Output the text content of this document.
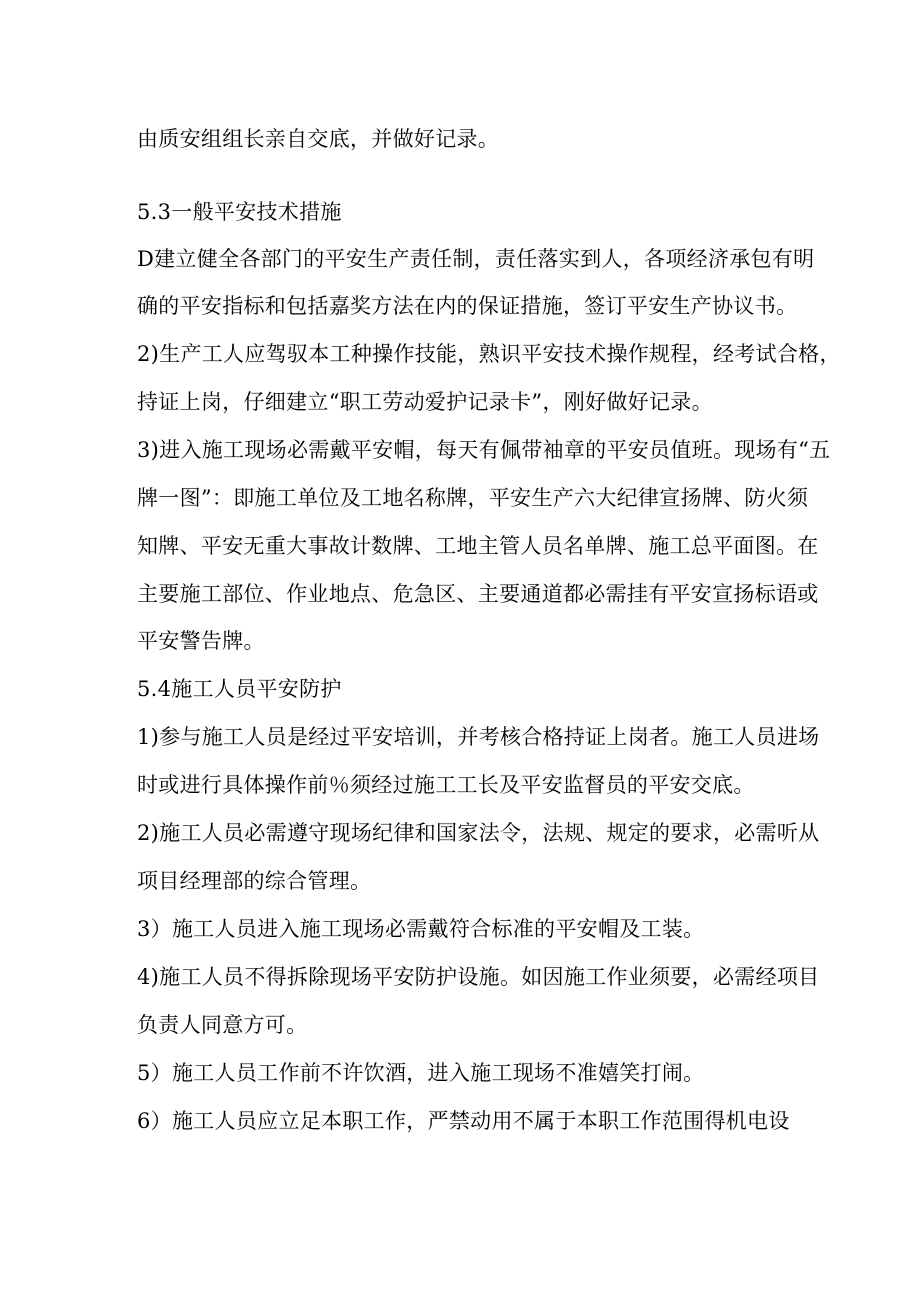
由质安组组长亲自交底，并做好记录。
5.3一般平安技术措施
D建立健全各部门的平安生产责任制，责任落实到人，各项经济承包有明
确的平安指标和包括嘉奖方法在内的保证措施，签订平安生产协议书。
2)生产工人应驾驭本工种操作技能，熟识平安技术操作规程，经考试合格，
持证上岗，仔细建立“职工劳动爱护记录卡”，刚好做好记录。
3)进入施工现场必需戴平安帽，每天有佩带袖章的平安员值班。现场有“五
牌一图”：即施工单位及工地名称牌，平安生产六大纪律宣扬牌、防火须
知牌、平安无重大事故计数牌、工地主管人员名单牌、施工总平面图。在
主要施工部位、作业地点、危急区、主要通道都必需挂有平安宣扬标语或
平安警告牌。
5.4施工人员平安防护
1)参与施工人员是经过平安培训，并考核合格持证上岗者。施工人员进场
时或进行具体操作前％须经过施工工长及平安监督员的平安交底。
2)施工人员必需遵守现场纪律和国家法令，法规、规定的要求，必需听从
项目经理部的综合管理。
3）施工人员进入施工现场必需戴符合标准的平安帽及工装。
4)施工人员不得拆除现场平安防护设施。如因施工作业须要，必需经项目
负责人同意方可。
5）施工人员工作前不许饮酒，进入施工现场不准嬉笑打闹。
6）施工人员应立足本职工作，严禁动用不属于本职工作范围得机电设
